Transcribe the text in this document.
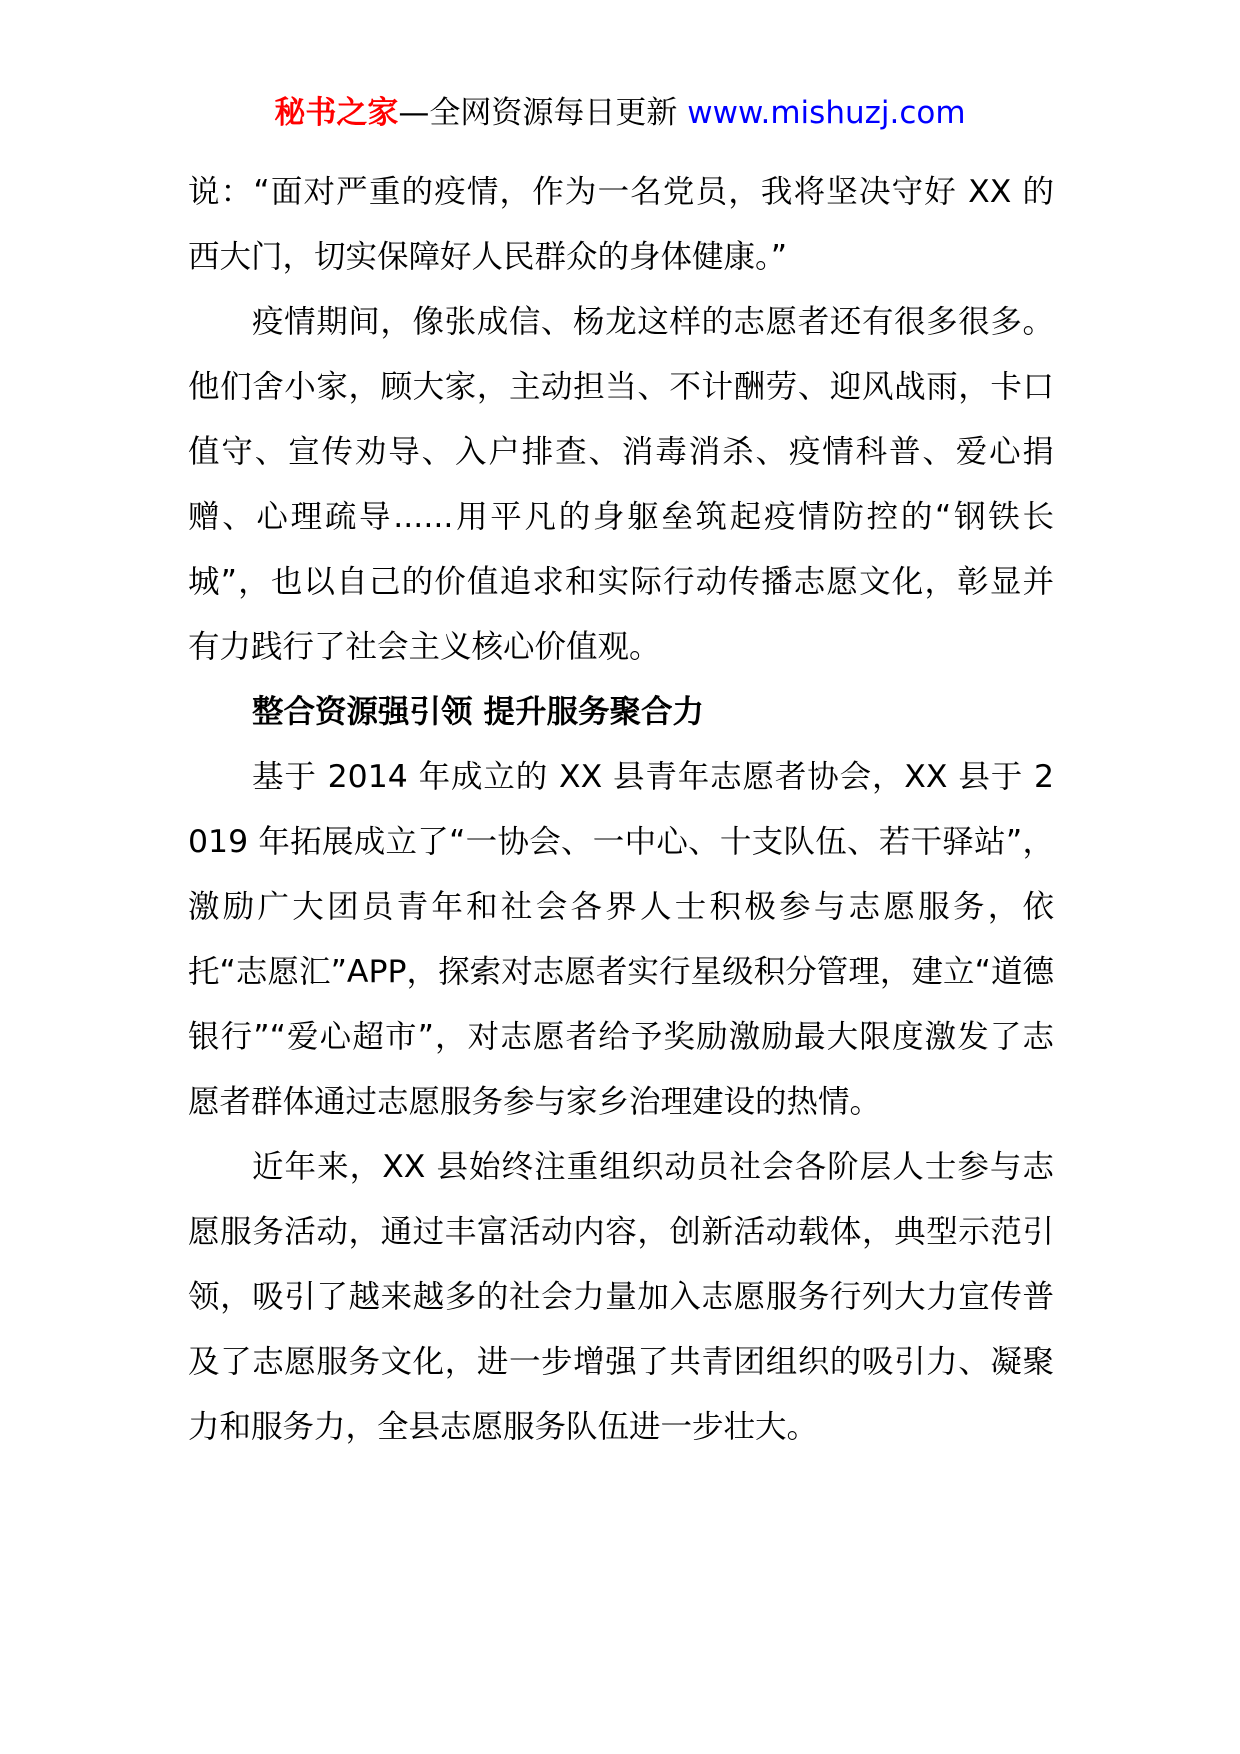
秘书之家—全网资源每日更新 www.mishuzj.com

说：“面对严重的疫情，作为一名党员，我将坚决守好 XX 的西大门，切实保障好人民群众的身体健康。”

疫情期间，像张成信、杨龙这样的志愿者还有很多很多。他们舍小家，顾大家，主动担当、不计酬劳、迎风战雨，卡口值守、宣传劝导、入户排查、消毒消杀、疫情科普、爱心捐赠、心理疏导......用平凡的身躯垒筑起疫情防控的“钢铁长城”，也以自己的价值追求和实际行动传播志愿文化，彰显并有力践行了社会主义核心价值观。

整合资源强引领 提升服务聚合力

基于 2014 年成立的 XX 县青年志愿者协会，XX 县于 2019 年拓展成立了“一协会、一中心、十支队伍、若干驿站”，激励广大团员青年和社会各界人士积极参与志愿服务，依托“志愿汇”APP，探索对志愿者实行星级积分管理，建立“道德银行”“爱心超市”，对志愿者给予奖励激励最大限度激发了志愿者群体通过志愿服务参与家乡治理建设的热情。

近年来，XX 县始终注重组织动员社会各阶层人士参与志愿服务活动，通过丰富活动内容，创新活动载体，典型示范引领，吸引了越来越多的社会力量加入志愿服务行列大力宣传普及了志愿服务文化，进一步增强了共青团组织的吸引力、凝聚力和服务力，全县志愿服务队伍进一步壮大。
